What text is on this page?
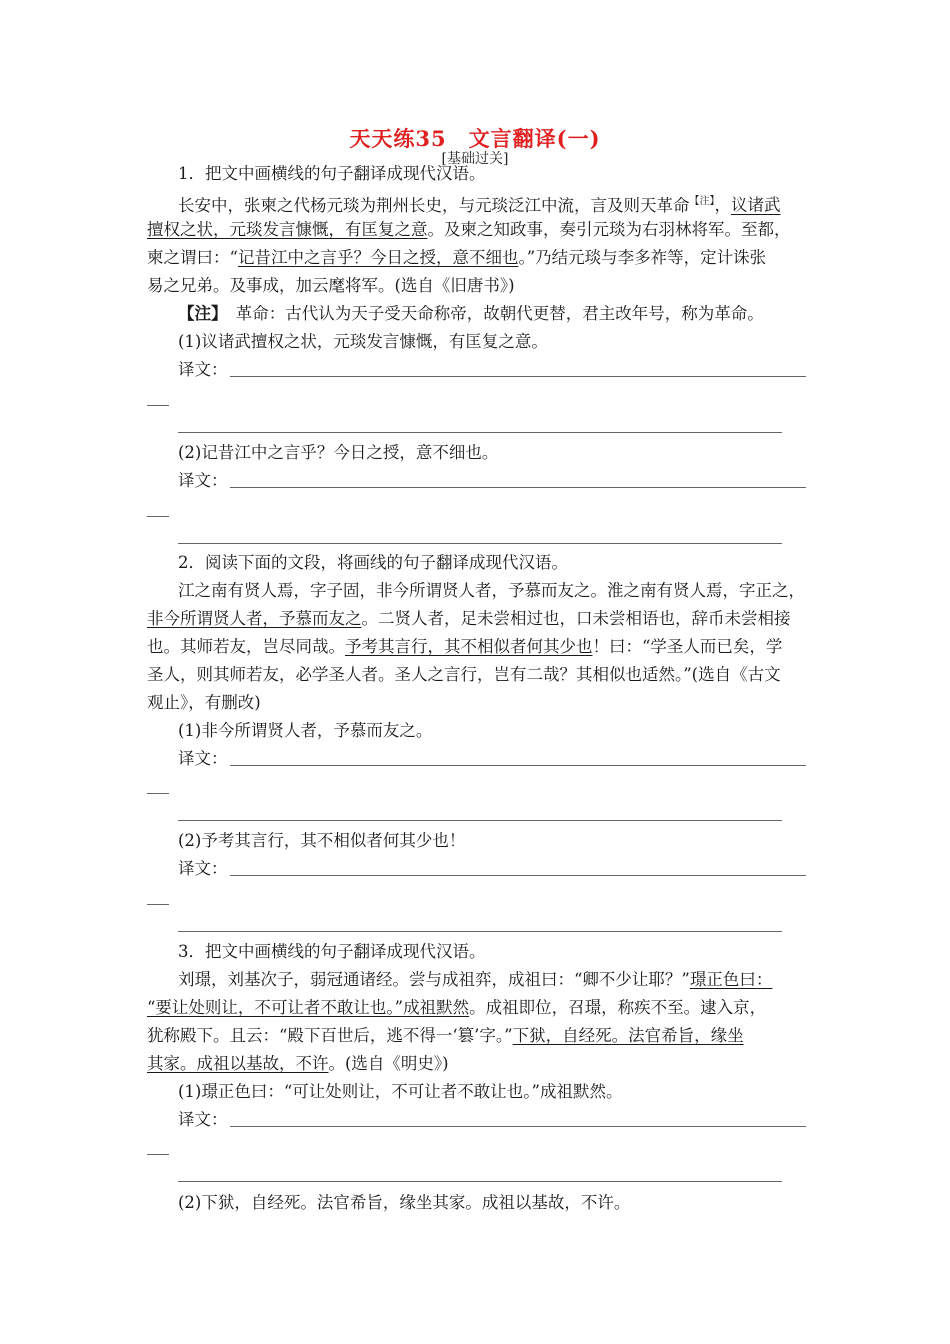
天天练35　文言翻译(一)
[基础过关]
1．把文中画横线的句子翻译成现代汉语。
长安中，张柬之代杨元琰为荆州长史，与元琰泛江中流，言及则天革命$^{【注】}$，议诸武
擅权之状，元琰发言慷慨，有匡复之意。及柬之知政事，奏引元琰为右羽林将军。至都，
柬之谓曰：“记昔江中之言乎？今日之授，意不细也。”乃结元琰与李多祚等，定计诛张
易之兄弟。及事成，加云麾将军。(选自《旧唐书》)
【注】　革命：古代认为天子受天命称帝，故朝代更替，君主改年号，称为革命。
(1)议诸武擅权之状，元琰发言慷慨，有匡复之意。
译文：
(2)记昔江中之言乎？今日之授，意不细也。
译文：
2．阅读下面的文段，将画线的句子翻译成现代汉语。
江之南有贤人焉，字子固，非今所谓贤人者，予慕而友之。淮之南有贤人焉，字正之，
非今所谓贤人者，予慕而友之。二贤人者，足未尝相过也，口未尝相语也，辞币未尝相接
也。其师若友，岂尽同哉。予考其言行，其不相似者何其少也！曰：“学圣人而已矣，学
圣人，则其师若友，必学圣人者。圣人之言行，岂有二哉？其相似也适然。”(选自《古文
观止》，有删改)
(1)非今所谓贤人者，予慕而友之。
译文：
(2)予考其言行，其不相似者何其少也！
译文：
3．把文中画横线的句子翻译成现代汉语。
刘璟，刘基次子，弱冠通诸经。尝与成祖弈，成祖曰：“卿不少让耶？”璟正色曰：
“要让处则让，不可让者不敢让也。”成祖默然。成祖即位，召璟，称疾不至。逮入京，
犹称殿下。且云：“殿下百世后，逃不得一‘篡’字。”下狱，自经死。法官希旨，缘坐
其家。成祖以基故，不许。(选自《明史》)
(1)璟正色曰：“可让处则让，不可让者不敢让也。”成祖默然。
译文：
(2)下狱，自经死。法官希旨，缘坐其家。成祖以基故，不许。
